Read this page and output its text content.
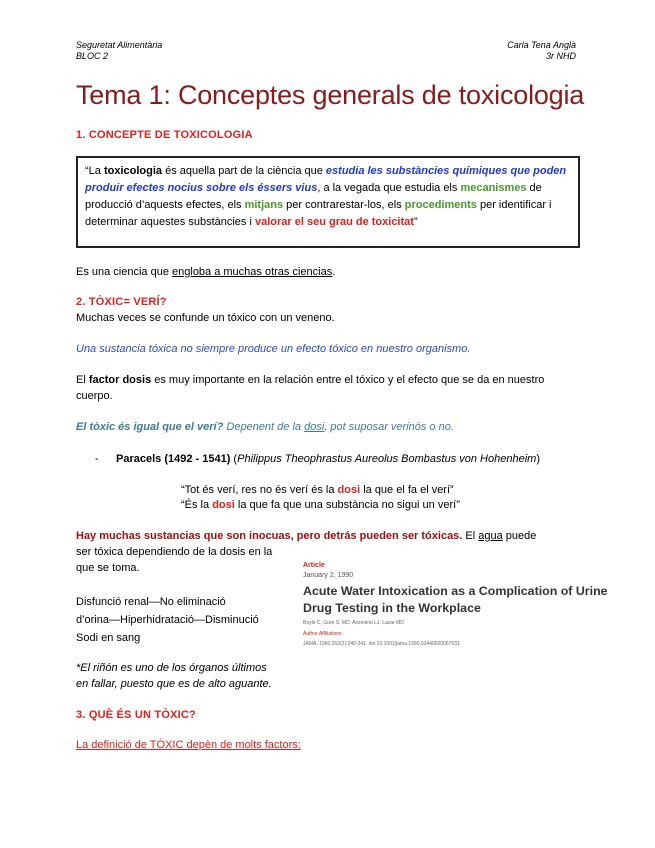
Seguretat Alimentària
BLOC 2
Carla Tena Anglà
3r NHD
Tema 1: Conceptes generals de toxicologia
1. CONCEPTE DE TOXICOLOGIA
“La toxicologia és aquella part de la ciència que estudia les substàncies químiques que poden produir efectes nocius sobre els éssers vius, a la vegada que estudia els mecanismes de producció d’aquests efectes, els mitjans per contrarestar-los, els procediments per identificar i determinar aquestes substàncies i valorar el seu grau de toxicitat”
Es una ciencia que engloba a muchas otras ciencias.
2. TÒXIC= VERÍ?
Muchas veces se confunde un tóxico con un veneno.
Una sustancia tóxica no siempre produce un efecto tóxico en nuestro organismo.
El factor dosis es muy importante en la relación entre el tóxico y el efecto que se da en nuestro cuerpo.
El tòxic és igual que el verí? Depenent de la dosi, pot suposar verinós o no.
- Paracels (1492 - 1541) (Philippus Theophrastus Aureolus Bombastus von Hohenheim)
“Tot és verí, res no és verí és la dosi la que el fa el verí”
“És la dosi la que fa que una substància no sigui un verí”
Hay muchas sustancias que son inocuas, pero detrás pueden ser tóxicas. El agua puede
ser tóxica dependiendo de la dosis en la
que se toma.
Disfunció renal—No eliminació
d’orina—Hiperhidratació—Disminució
Sodi en sang
*El riñón es uno de los órganos últimos
en fallar, puesto que es de alto aguante.
Article
January 2, 1990
Acute Water Intoxication as a Complication of Urine
Drug Testing in the Workplace
Boyle C, Gore S, MD, Anzevino LJ, Lazar MD
Author Affiliations
JAMA. 1990;263(2):240-241. doi:10.1001/jama.1990.03440020067031
3. QUÈ ÉS UN TÒXIC?
La definició de TÒXIC depèn de molts factors:
